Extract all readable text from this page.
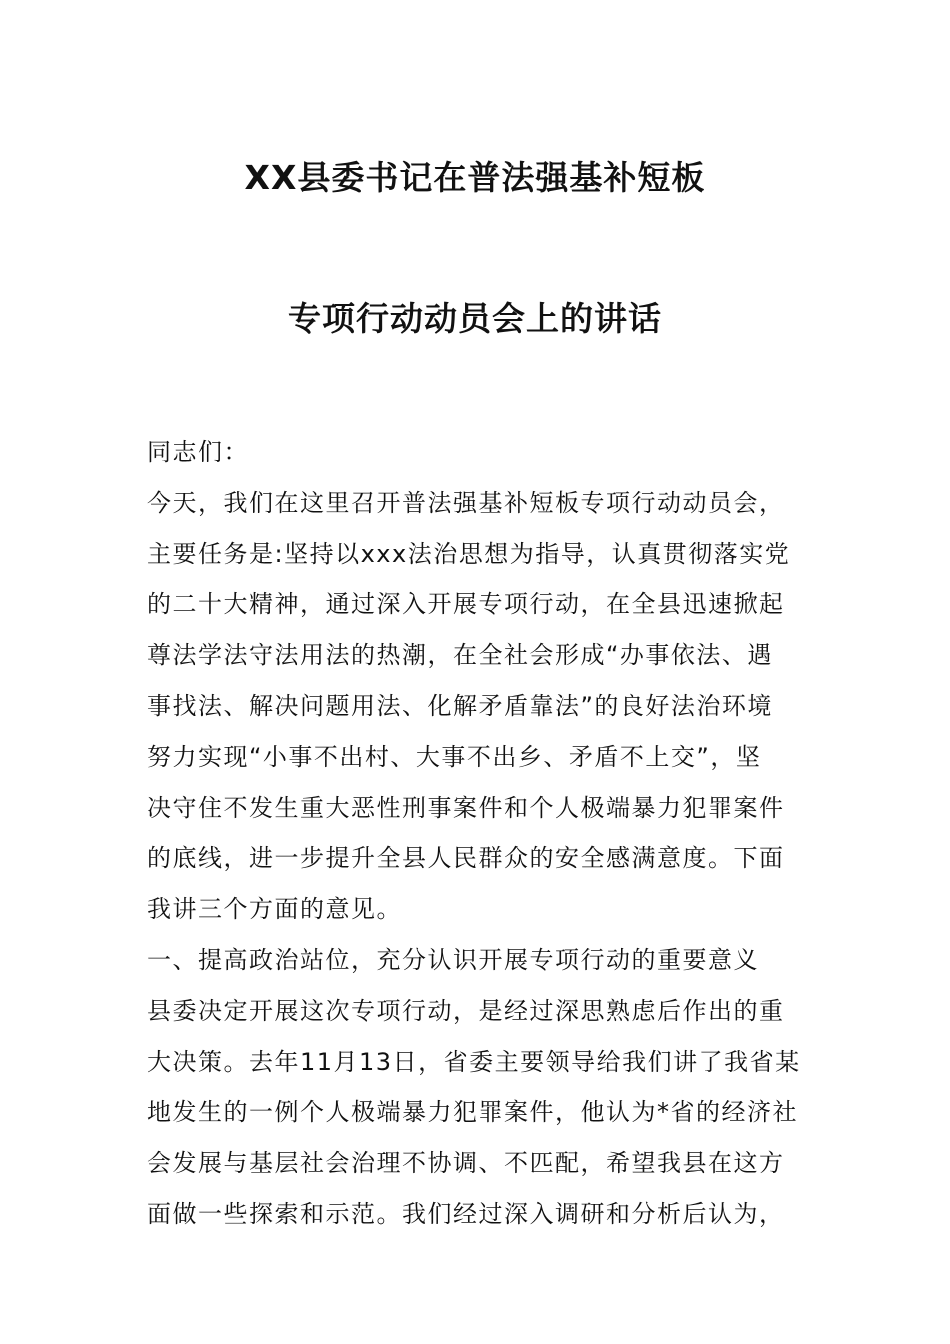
XX县委书记在普法强基补短板
专项行动动员会上的讲话
同志们：
今天，我们在这里召开普法强基补短板专项行动动员会，
主要任务是:坚持以xxx法治思想为指导，认真贯彻落实党
的二十大精神，通过深入开展专项行动，在全县迅速掀起
尊法学法守法用法的热潮，在全社会形成“办事依法、遇
事找法、解决问题用法、化解矛盾靠法”的良好法治环境
努力实现“小事不出村、大事不出乡、矛盾不上交”，坚
决守住不发生重大恶性刑事案件和个人极端暴力犯罪案件
的底线，进一步提升全县人民群众的安全感满意度。下面
我讲三个方面的意见。
一、提高政治站位，充分认识开展专项行动的重要意义
县委决定开展这次专项行动，是经过深思熟虑后作出的重
大决策。去年11月13日，省委主要领导给我们讲了我省某
地发生的一例个人极端暴力犯罪案件，他认为*省的经济社
会发展与基层社会治理不协调、不匹配，希望我县在这方
面做一些探索和示范。我们经过深入调研和分析后认为，
